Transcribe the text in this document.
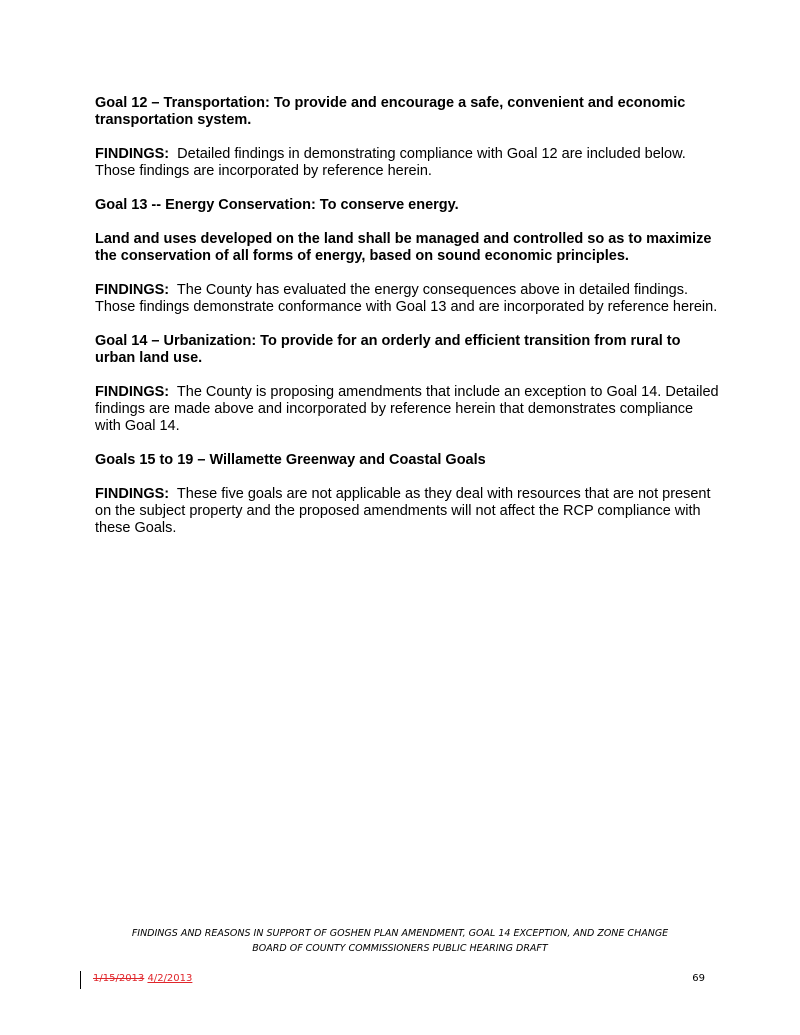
Goal 12 – Transportation: To provide and encourage a safe, convenient and economic transportation system.

FINDINGS: Detailed findings in demonstrating compliance with Goal 12 are included below. Those findings are incorporated by reference herein.

Goal 13 -- Energy Conservation: To conserve energy.

Land and uses developed on the land shall be managed and controlled so as to maximize the conservation of all forms of energy, based on sound economic principles.

FINDINGS: The County has evaluated the energy consequences above in detailed findings. Those findings demonstrate conformance with Goal 13 and are incorporated by reference herein.

Goal 14 – Urbanization: To provide for an orderly and efficient transition from rural to urban land use.

FINDINGS: The County is proposing amendments that include an exception to Goal 14. Detailed findings are made above and incorporated by reference herein that demonstrates compliance with Goal 14.

Goals 15 to 19 – Willamette Greenway and Coastal Goals

FINDINGS: These five goals are not applicable as they deal with resources that are not present on the subject property and the proposed amendments will not affect the RCP compliance with these Goals.

FINDINGS AND REASONS IN SUPPORT OF GOSHEN PLAN AMENDMENT, GOAL 14 EXCEPTION, AND ZONE CHANGE
BOARD OF COUNTY COMMISSIONERS PUBLIC HEARING DRAFT
1/15/2013 4/2/2013	69
